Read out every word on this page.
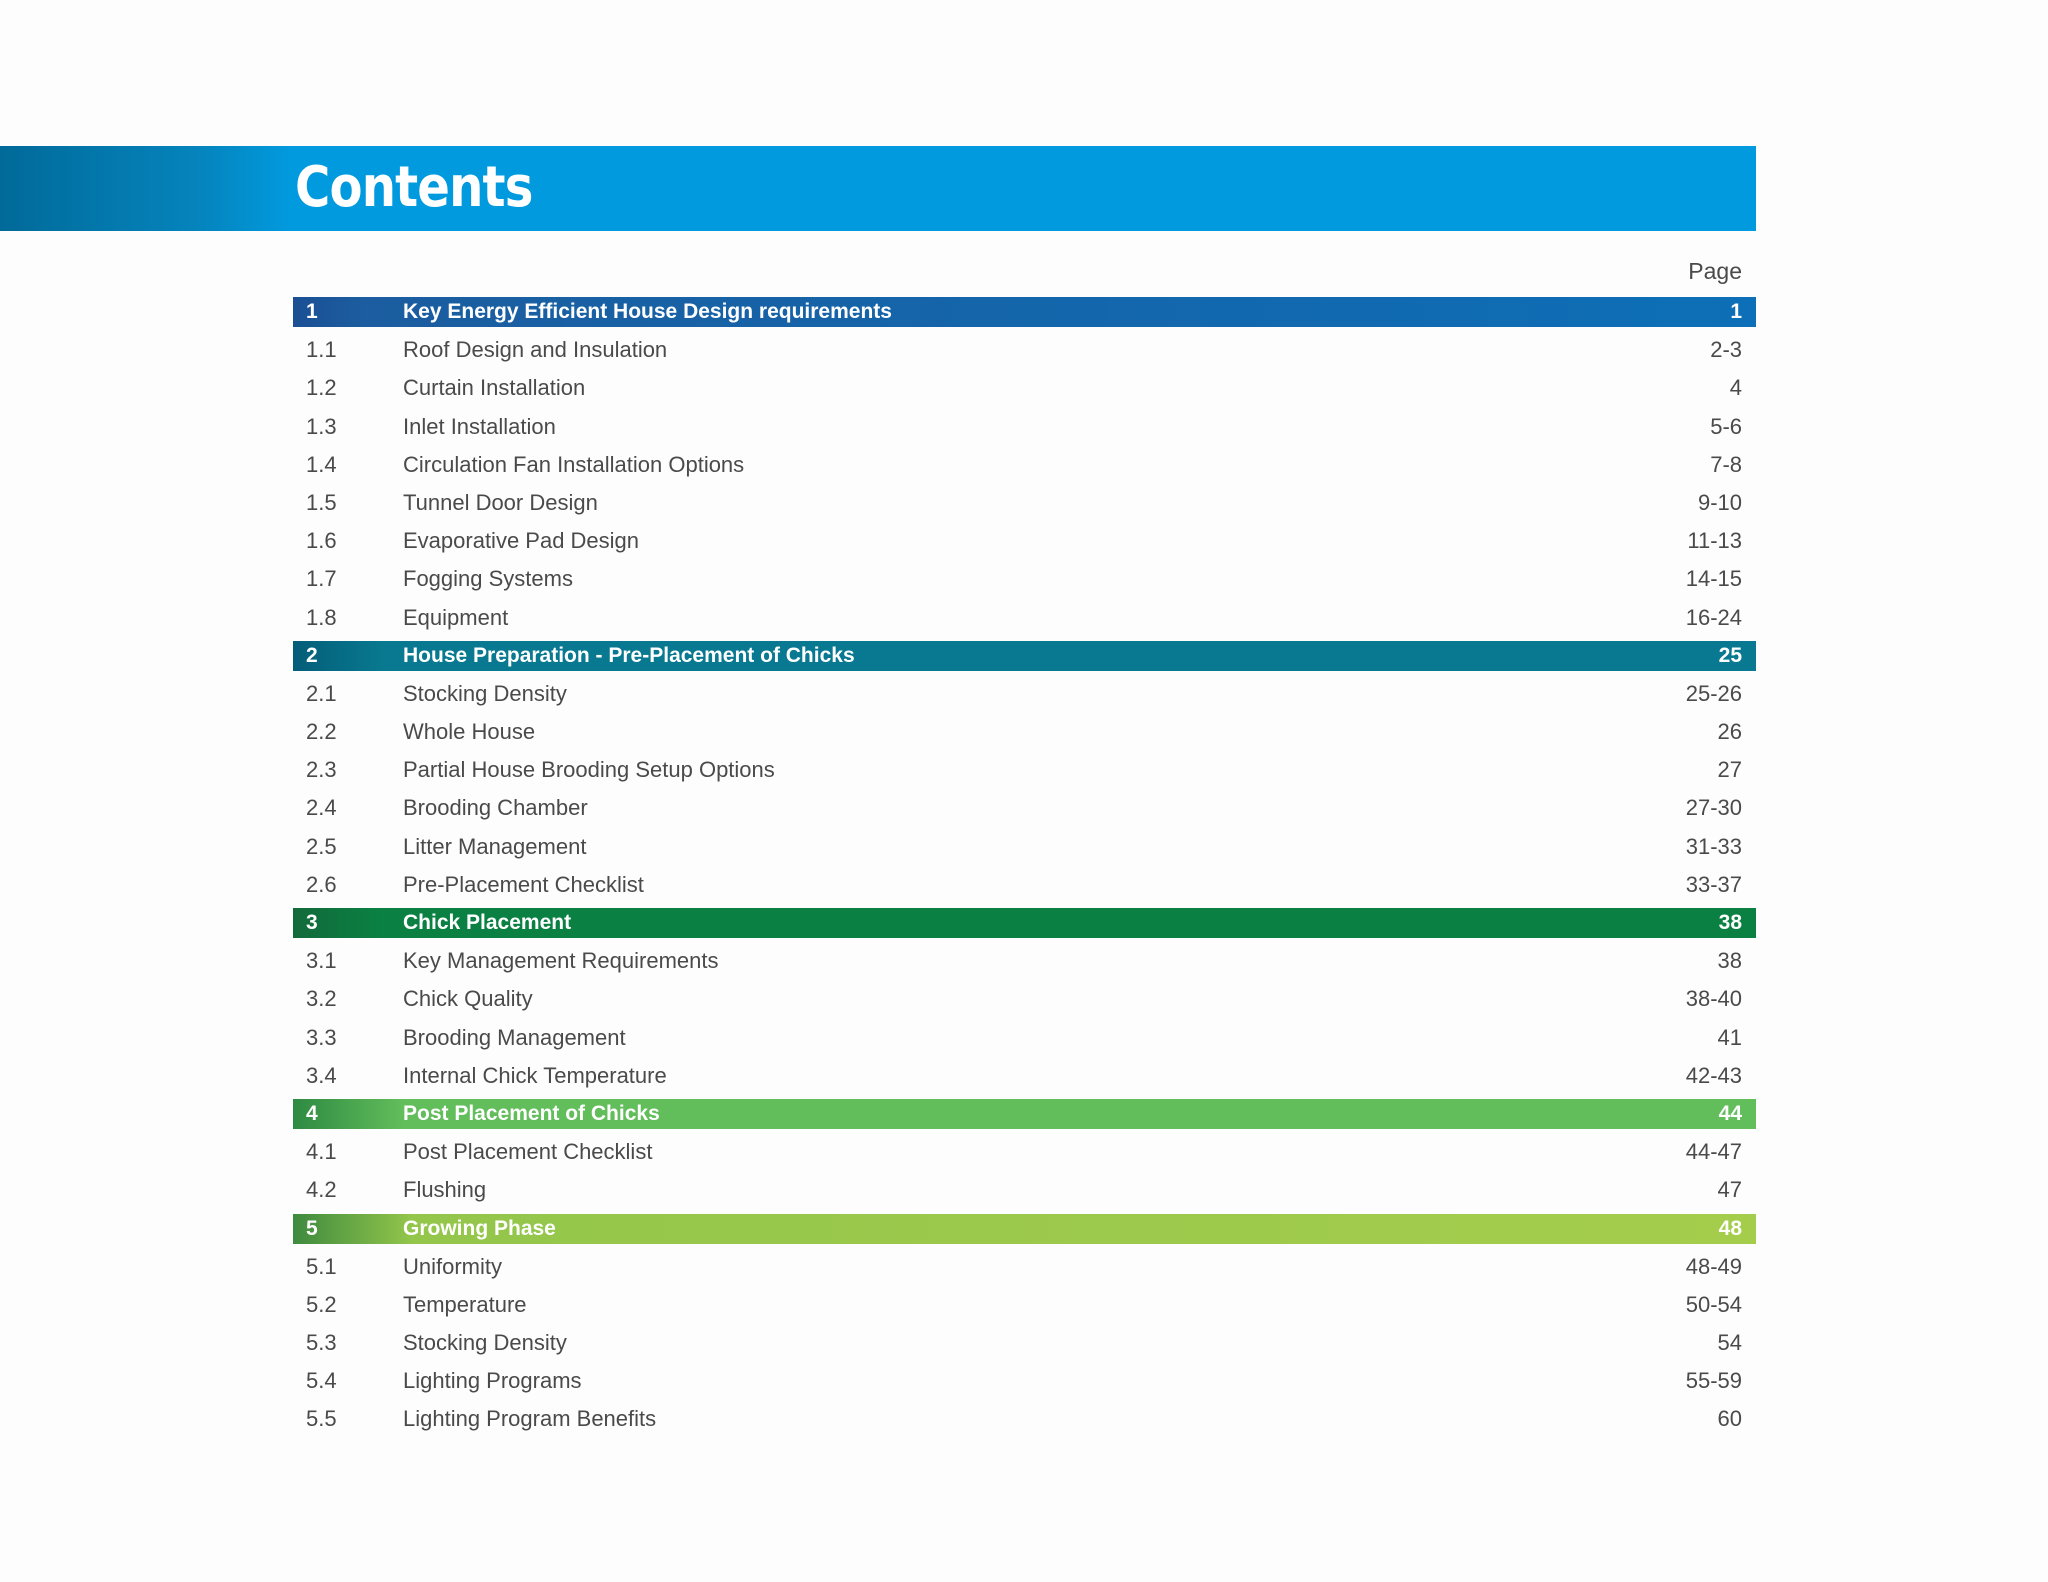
Contents
Page
1	Key Energy Efficient House Design requirements	1
1.1	Roof Design and Insulation	2-3
1.2	Curtain Installation	4
1.3	Inlet Installation	5-6
1.4	Circulation Fan Installation Options	7-8
1.5	Tunnel Door Design	9-10
1.6	Evaporative Pad Design	11-13
1.7	Fogging Systems	14-15
1.8	Equipment	16-24
2	House Preparation - Pre-Placement of Chicks	25
2.1	Stocking Density	25-26
2.2	Whole House	26
2.3	Partial House Brooding Setup Options	27
2.4	Brooding Chamber	27-30
2.5	Litter Management	31-33
2.6	Pre-Placement Checklist	33-37
3	Chick Placement	38
3.1	Key Management Requirements	38
3.2	Chick Quality	38-40
3.3	Brooding Management	41
3.4	Internal Chick Temperature	42-43
4	Post Placement of Chicks	44
4.1	Post Placement Checklist	44-47
4.2	Flushing	47
5	Growing Phase	48
5.1	Uniformity	48-49
5.2	Temperature	50-54
5.3	Stocking Density	54
5.4	Lighting Programs	55-59
5.5	Lighting Program Benefits	60
